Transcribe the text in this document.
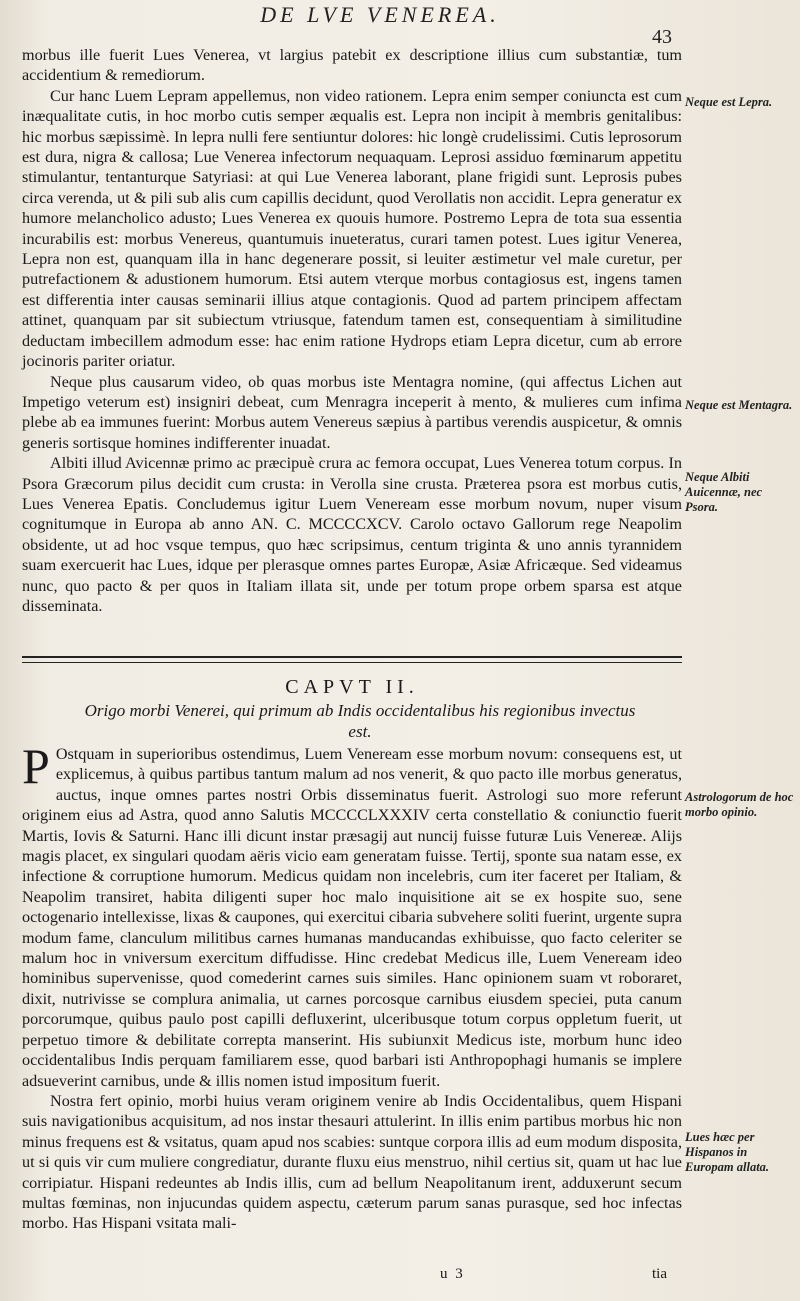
DE LVE VENEREA.
43

morbus ille fuerit Lues Venerea, vt largius patebit ex descriptione illius cum substantiæ, tum accidentium & remediorum.

Cur hanc Luem Lepram appellemus, non video rationem. Lepra enim semper coniuncta est cum inæqualitate cutis, in hoc morbo cutis semper æqualis est. Lepra non incipit à membris genitalibus: hic morbus sæpissimè. In lepra nulli fere sentiuntur dolores: hic longè crudelissimi. Cutis leprosorum est dura, nigra & callosa; Lue Venerea infectorum nequaquam. Leprosi assiduo fœminarum appetitu stimulantur, tentanturque Satyriasi: at qui Lue Venerea laborant, plane frigidi sunt. Leprosis pubes circa verenda, ut & pili sub alis cum capillis decidunt, quod Verollatis non accidit. Lepra generatur ex humore melancholico adusto; Lues Venerea ex quouis humore. Postremo Lepra de tota sua essentia incurabilis est: morbus Venereus, quantumuis inueteratus, curari tamen potest. Lues igitur Venerea, Lepra non est, quanquam illa in hanc degenerare possit, si leuiter æstimetur vel male curetur, per putrefactionem & adustionem humorum. Etsi autem vterque morbus contagiosus est, ingens tamen est differentia inter causas seminarii illius atque contagionis. Quod ad partem principem affectam attinet, quanquam par sit subiectum vtriusque, fatendum tamen est, consequentiam à similitudine deductam imbecillem admodum esse: hac enim ratione Hydrops etiam Lepra dicetur, cum ab errore jocinoris pariter oriatur.

Neque plus causarum video, ob quas morbus iste Mentagra nomine, (qui affectus Lichen aut Impetigo veterum est) insigniri debeat, cum Menragra inceperit à mento, & mulieres cum infima plebe ab ea immunes fuerint: Morbus autem Venereus sæpius à partibus verendis auspicetur, & omnis generis sortisque homines indifferenter inuadat.

Albiti illud Avicennæ primo ac præcipuè crura ac femora occupat, Lues Venerea totum corpus. In Psora Græcorum pilus decidit cum crusta: in Verolla sine crusta. Præterea psora est morbus cutis, Lues Venerea Epatis. Concludemus igitur Luem Veneream esse morbum novum, nuper visum cognitumque in Europa ab anno AN. C. MCCCCXCV. Carolo octavo Gallorum rege Neapolim obsidente, ut ad hoc vsque tempus, quo hæc scripsimus, centum triginta & uno annis tyrannidem suam exercuerit hac Lues, idque per plerasque omnes partes Europæ, Asiæ Africæque. Sed videamus nunc, quo pacto & per quos in Italiam illata sit, unde per totum prope orbem sparsa est atque disseminata.

CAPVT II.
Origo morbi Venerei, qui primum ab Indis occidentalibus his regionibus invectus est.

P Ostquam in superioribus ostendimus, Luem Veneream esse morbum novum: consequens est, ut explicemus, à quibus partibus tantum malum ad nos venerit, & quo pacto ille morbus generatus, auctus, inque omnes partes nostri Orbis disseminatus fuerit. Astrologi suo more referunt originem eius ad Astra, quod anno Salutis MCCCCLXXXIV certa constellatio & coniunctio fuerit Martis, Iovis & Saturni. Hanc illi dicunt instar præsagij aut nuncij fuisse futuræ Luis Venereæ. Alijs magis placet, ex singulari quodam aëris vicio eam generatam fuisse. Tertij, sponte sua natam esse, ex infectione & corruptione humorum. Medicus quidam non incelebris, cum iter faceret per Italiam, & Neapolim transiret, habita diligenti super hoc malo inquisitione ait se ex hospite suo, sene octogenario intellexisse, lixas & caupones, qui exercitui cibaria subvehere soliti fuerint, urgente supra modum fame, clanculum militibus carnes humanas manducandas exhibuisse, quo facto celeriter se malum hoc in vniversum exercitum diffudisse. Hinc credebat Medicus ille, Luem Veneream ideo hominibus supervenisse, quod comederint carnes suis similes. Hanc opinionem suam vt roboraret, dixit, nutrivisse se complura animalia, ut carnes porcosque carnibus eiusdem speciei, puta canum porcorumque, quibus paulo post capilli defluxerint, ulceribusque totum corpus oppletum fuerit, ut perpetuo timore & debilitate correpta manserint. His subiunxit Medicus iste, morbum hunc ideo occidentalibus Indis perquam familiarem esse, quod barbari isti Anthropophagi humanis se implere adsueverint carnibus, unde & illis nomen istud impositum fuerit.

Nostra fert opinio, morbi huius veram originem venire ab Indis Occidentalibus, quem Hispani suis navigationibus acquisitum, ad nos instar thesauri attulerint. In illis enim partibus morbus hic non minus frequens est & vsitatus, quam apud nos scabies: suntque corpora illis ad eum modum disposita, ut si quis vir cum muliere congrediatur, durante fluxu eius menstruo, nihil certius sit, quam ut hac lue corripiatur. Hispani redeuntes ab Indis illis, cum ad bellum Neapolitanum irent, adduxerunt secum multas fœminas, non injucundas quidem aspectu, cæterum parum sanas purasque, sed hoc infectas morbo. Has Hispani vsitata mali-

Neque est Lepra.
Neque est Mentagra.
Neque Albiti Auicennæ, nec Psora.
Astrologorum de hoc morbo opinio.
Lues hæc per Hispanos in Europam allata.
u 3	tia
